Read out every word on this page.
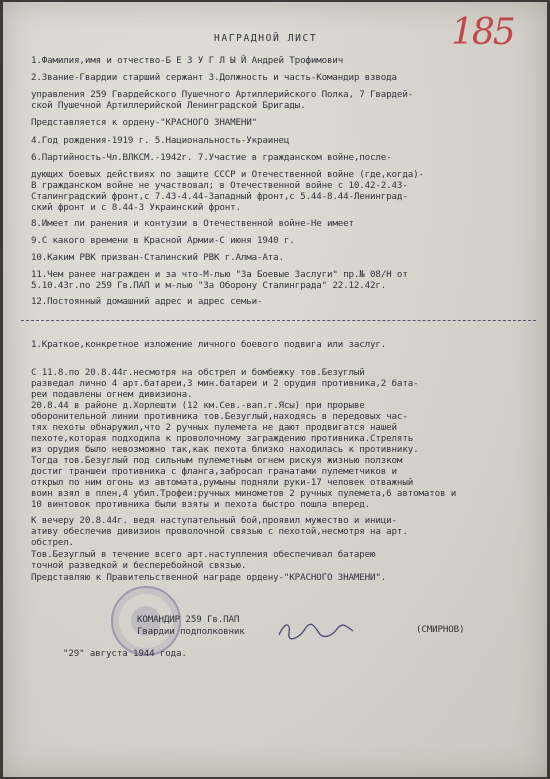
НАГРАДНОЙ ЛИСТ	185
1.Фамилия,имя и отчество-Б Е З У Г Л Ы Й Андрей Трофимович
2.Звание-Гвардии старший сержант 3.Должность и часть-Командир взвода
управления 259 Гвардейского Пушечного Артиллерийского Полка, 7 Гвардей-
ской Пушечной Артиллерийской Ленинградской Бригады.
Представляется к ордену-"КРАСНОГО ЗНАМЕНИ"
4.Год рождения-1919 г. 5.Национальность-Украинец
6.Партийность-Чл.ВЛКСМ.-1942г. 7.Участие в гражданском войне,после-
дующих боевых действиях по защите СССР и Отечественной войне (где,когда)-
В гражданском войне не участвовал; в Отечественной войне с 10.42-2.43-
Сталинградский фронт,с 7.43-4.44-Западный фронт,с 5.44-8.44-Ленинград-
ский фронт и с 8.44-3 Украинский фронт.
8.Имеет ли ранения и контузии в Отечественной войне-Не имеет
9.С какого времени в Красной Армии-С июня 1940 г.
10.Каким РВК призван-Сталинский РВК г.Алма-Ата.
11.Чем ранее награжден и за что-М-лью "За Боевые Заслуги" пр.№ 08/Н от
5.10.43г.по 259 Гв.ПАП и м-лью "За Оборону Сталинграда" 22.12.42г.
12.Постоянный домашний адрес и адрес семьи-
1.Краткое,конкретное изложение личного боевого подвига или заслуг.
С 11.8.по 20.8.44г.несмотря на обстрел и бомбежку тов.Безуглый
разведал лично 4 арт.батареи,3 мин.батареи и 2 орудия противника,2 бата-
реи подавлены огнем дивизиона.
20.8.44 в районе д.Хорлешти (12 км.Сев.-вап.г.Ясы) при прорыве
оборонительной линии противника тов.Безуглый,находясь в передовых час-
тях пехоты обнаружил,что 2 ручных пулемета не дают продвигатся нашей
пехоте,которая подходила к проволочному заграждению противника.Стрелять
из орудия было невозможно так,как пехота близко находилась к противнику.
Тогда тов.Безуглый под сильным пулеметным огнем рискуя жизнью ползком
достиг траншеи противника с фланга,забросал гранатами пулеметчиков и
открыл по ним огонь из автомата,румыны подняли руки-17 человек отважный
воин взял в плен,4 убил.Трофеи:ручных минометов 2 ручных пулемета,6 автоматов и
10 винтовок противника были взяты и пехота быстро пошла вперед.
К вечеру 20.8.44г. ведя наступательный бой,проявил мужество и иници-
ативу обеспечив дивизион проволочной связью с пехотой,несмотря на арт.
обстрел.
Тов.Безуглый в течение всего арт.наступления обеспечивал батарею
точной разведкой и бесперебойной связью.
Представляю к Правительственной награде ордену-"КРАСНОГО ЗНАМЕНИ".
КОМАНДИР 259 Гв.ПАП
Гвардии подполковник	(СМИРНОВ)
"29" августа 1944 года.
